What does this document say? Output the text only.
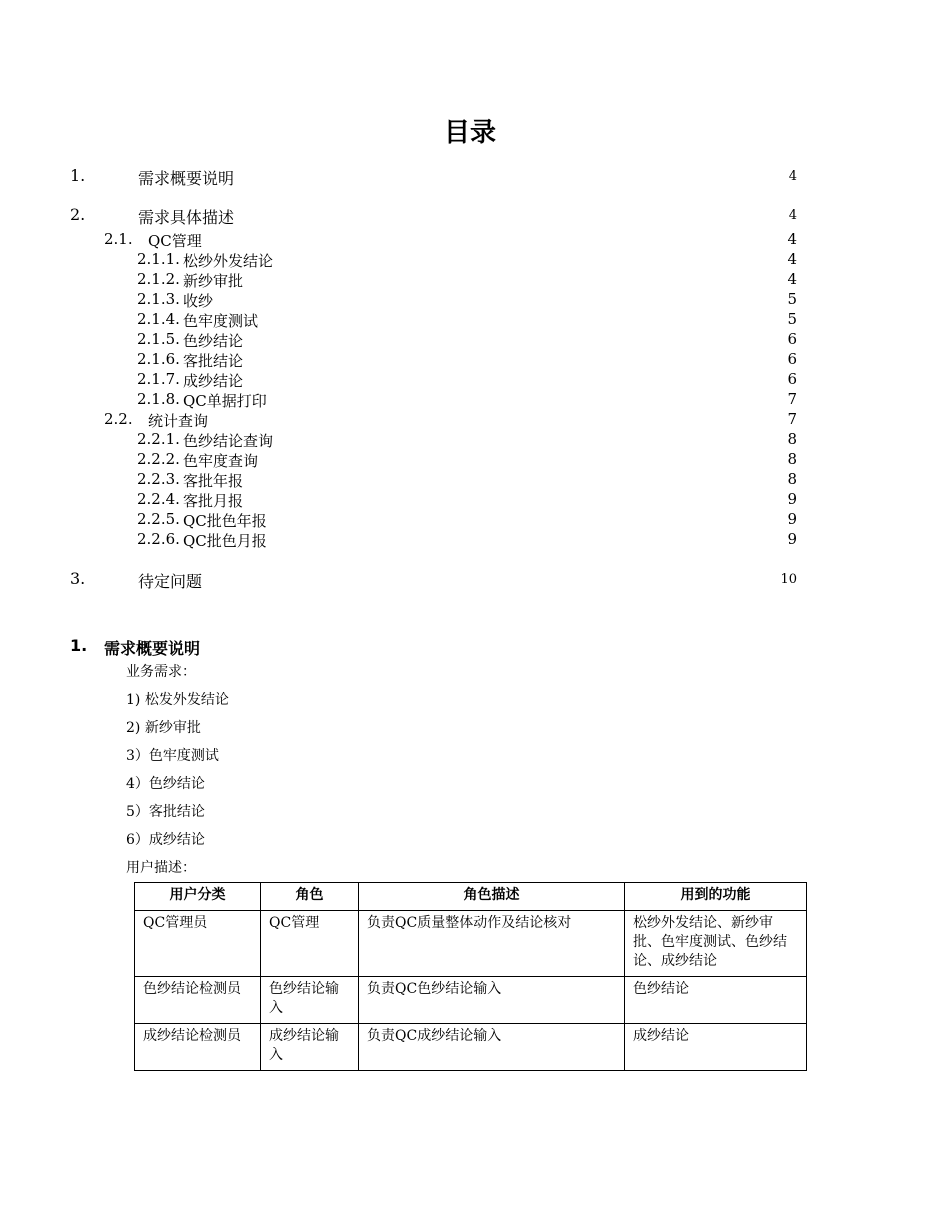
目录
1.	需求概要说明	4
2.	需求具体描述	4
2.1. QC管理	4
2.1.1. 松纱外发结论	4
2.1.2. 新纱审批	4
2.1.3. 收纱	5
2.1.4. 色牢度测试	5
2.1.5. 色纱结论	6
2.1.6. 客批结论	6
2.1.7. 成纱结论	6
2.1.8. QC单据打印	7
2.2. 统计查询	7
2.2.1. 色纱结论查询	8
2.2.2. 色牢度查询	8
2.2.3. 客批年报	8
2.2.4. 客批月报	9
2.2.5. QC批色年报	9
2.2.6. QC批色月报	9
3.	待定问题	10
1. 需求概要说明
业务需求：
1) 松发外发结论
2) 新纱审批
3）色牢度测试
4）色纱结论
5）客批结论
6）成纱结论
用户描述：
用户分类	角色	角色描述	用到的功能
QC管理员	QC管理	负责QC质量整体动作及结论核对	松纱外发结论、新纱审批、色牢度测试、色纱结论、成纱结论
色纱结论检测员	色纱结论输入	负责QC色纱结论输入	色纱结论
成纱结论检测员	成纱结论输入	负责QC成纱结论输入	成纱结论
